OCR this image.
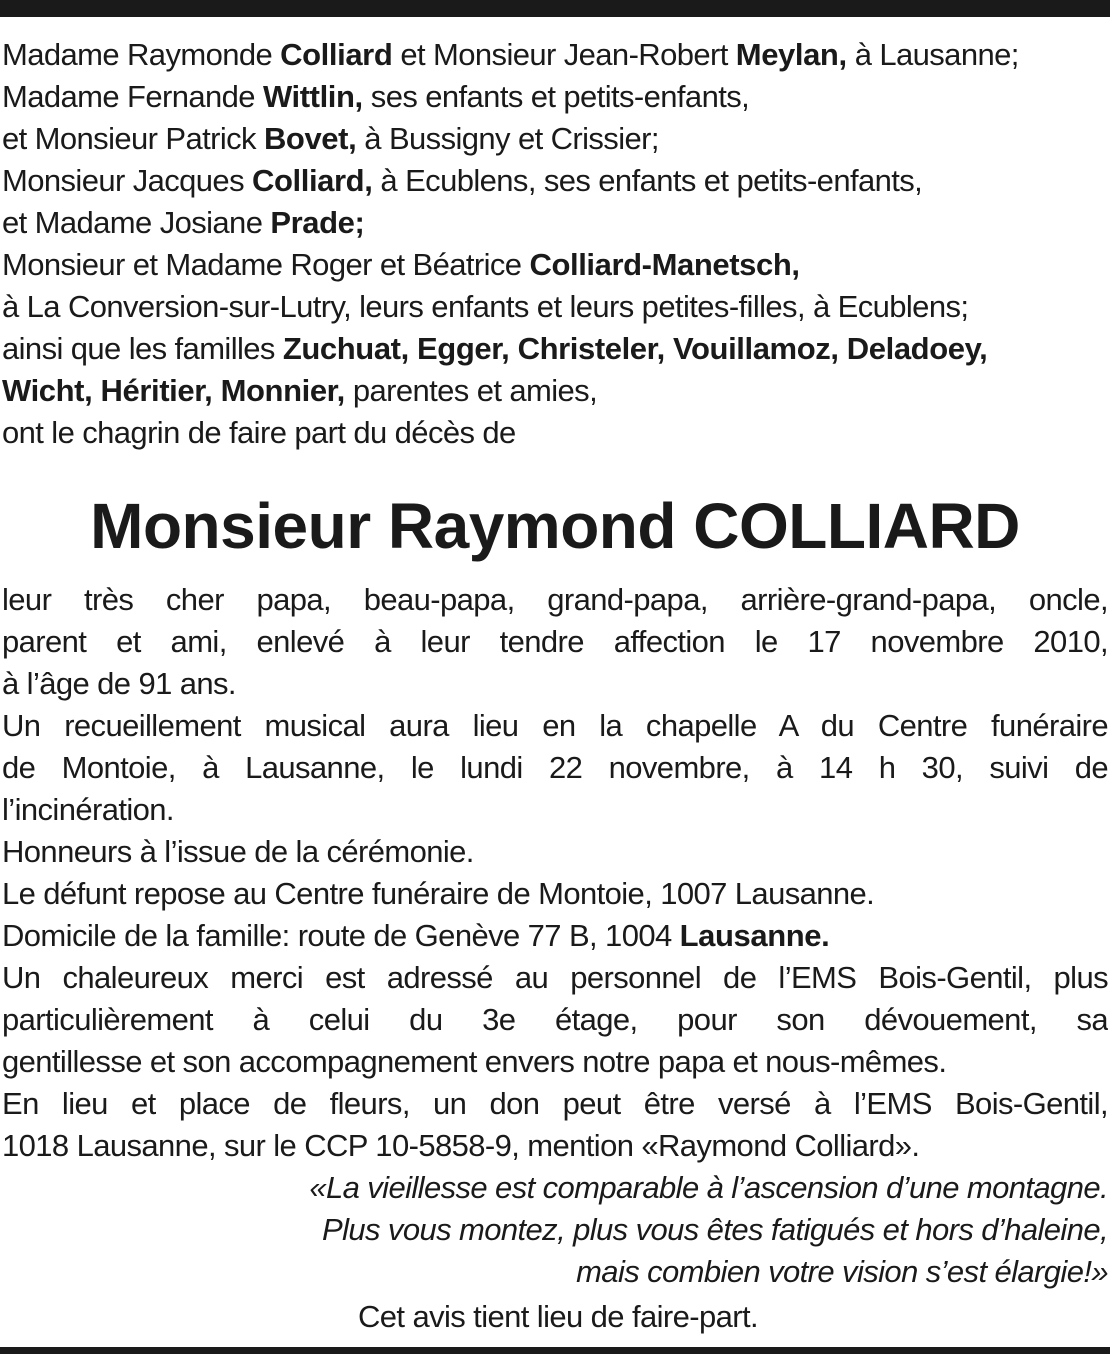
Madame Raymonde Colliard et Monsieur Jean-Robert Meylan, à Lausanne;
Madame Fernande Wittlin, ses enfants et petits-enfants,
et Monsieur Patrick Bovet, à Bussigny et Crissier;
Monsieur Jacques Colliard, à Ecublens, ses enfants et petits-enfants,
et Madame Josiane Prade;
Monsieur et Madame Roger et Béatrice Colliard-Manetsch,
à La Conversion-sur-Lutry, leurs enfants et leurs petites-filles, à Ecublens;
ainsi que les familles Zuchuat, Egger, Christeler, Vouillamoz, Deladoey,
Wicht, Héritier, Monnier, parentes et amies,
ont le chagrin de faire part du décès de
Monsieur Raymond COLLIARD
leur très cher papa, beau-papa, grand-papa, arrière-grand-papa, oncle,
parent et ami, enlevé à leur tendre affection le 17 novembre 2010,
à l’âge de 91 ans.
Un recueillement musical aura lieu en la chapelle A du Centre funéraire
de Montoie, à Lausanne, le lundi 22 novembre, à 14 h 30, suivi de
l’incinération.
Honneurs à l’issue de la cérémonie.
Le défunt repose au Centre funéraire de Montoie, 1007 Lausanne.
Domicile de la famille: route de Genève 77 B, 1004 Lausanne.
Un chaleureux merci est adressé au personnel de l’EMS Bois-Gentil, plus
particulièrement à celui du 3e étage, pour son dévouement, sa
gentillesse et son accompagnement envers notre papa et nous-mêmes.
En lieu et place de fleurs, un don peut être versé à l’EMS Bois-Gentil,
1018 Lausanne, sur le CCP 10-5858-9, mention «Raymond Colliard».
«La vieillesse est comparable à l’ascension d’une montagne.
Plus vous montez, plus vous êtes fatigués et hors d’haleine,
mais combien votre vision s’est élargie!»
Cet avis tient lieu de faire-part.
